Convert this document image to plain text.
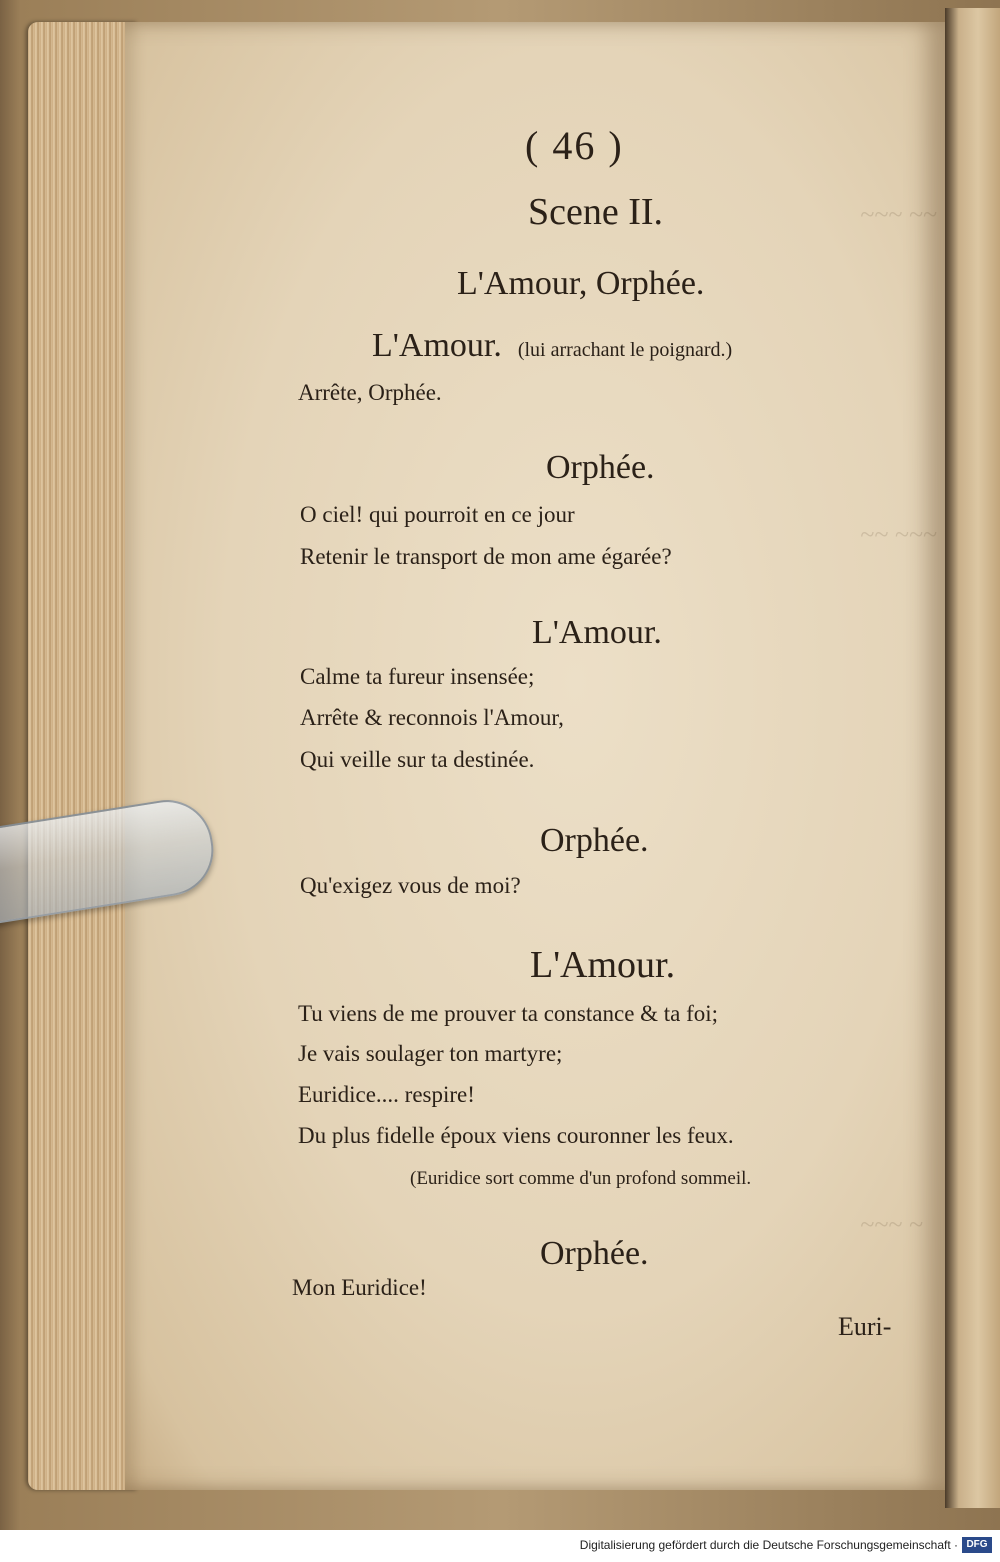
~~~ ~~
~~ ~~~
~~~ ~
( 46 )
Scene II.
L'Amour, Orphée.
L'Amour. (lui arrachant le poignard.)
Arrête, Orphée.
Orphée.
O ciel! qui pourroit en ce jour
Retenir le transport de mon ame égarée?
L'Amour.
Calme ta fureur insensée;
Arrête & reconnois l'Amour,
Qui veille sur ta destinée.
Orphée.
Qu'exigez vous de moi?
L'Amour.
Tu viens de me prouver ta constance & ta foi;
Je vais soulager ton martyre;
Euridice.... respire!
Du plus fidelle époux viens couronner les feux.
(Euridice sort comme d'un profond sommeil.
Orphée.
Mon Euridice!
Euri-
Digitalisierung gefördert durch die Deutsche Forschungsgemeinschaft · DFG
